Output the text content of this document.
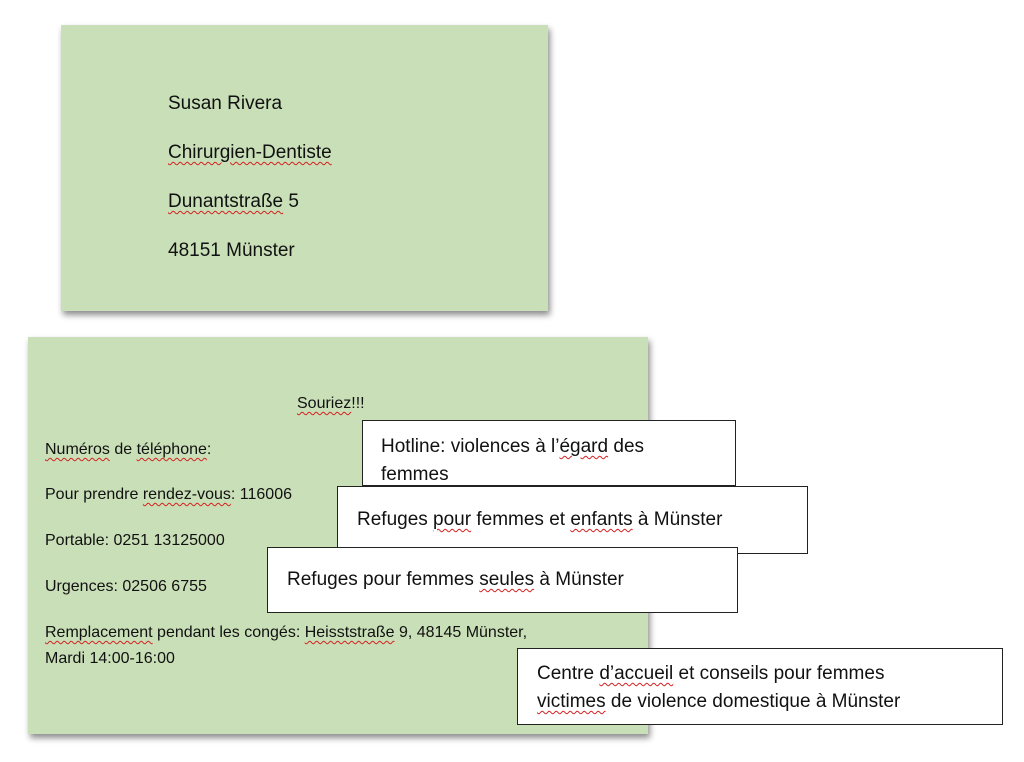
Susan Rivera
Chirurgien-Dentiste
Dunantstraße 5
48151 Münster
Souriez!!!
Numéros de téléphone:
Pour prendre rendez-vous: 116006
Portable: 0251 13125000
Urgences: 02506 6755
Remplacement pendant les congés: Heisststraße 9, 48145 Münster,
Mardi 14:00-16:00
Hotline: violences à l’égard des
femmes
Refuges pour femmes et enfants à Münster
Refuges pour femmes seules à Münster
Centre d’accueil et conseils pour femmes
victimes de violence domestique à Münster
